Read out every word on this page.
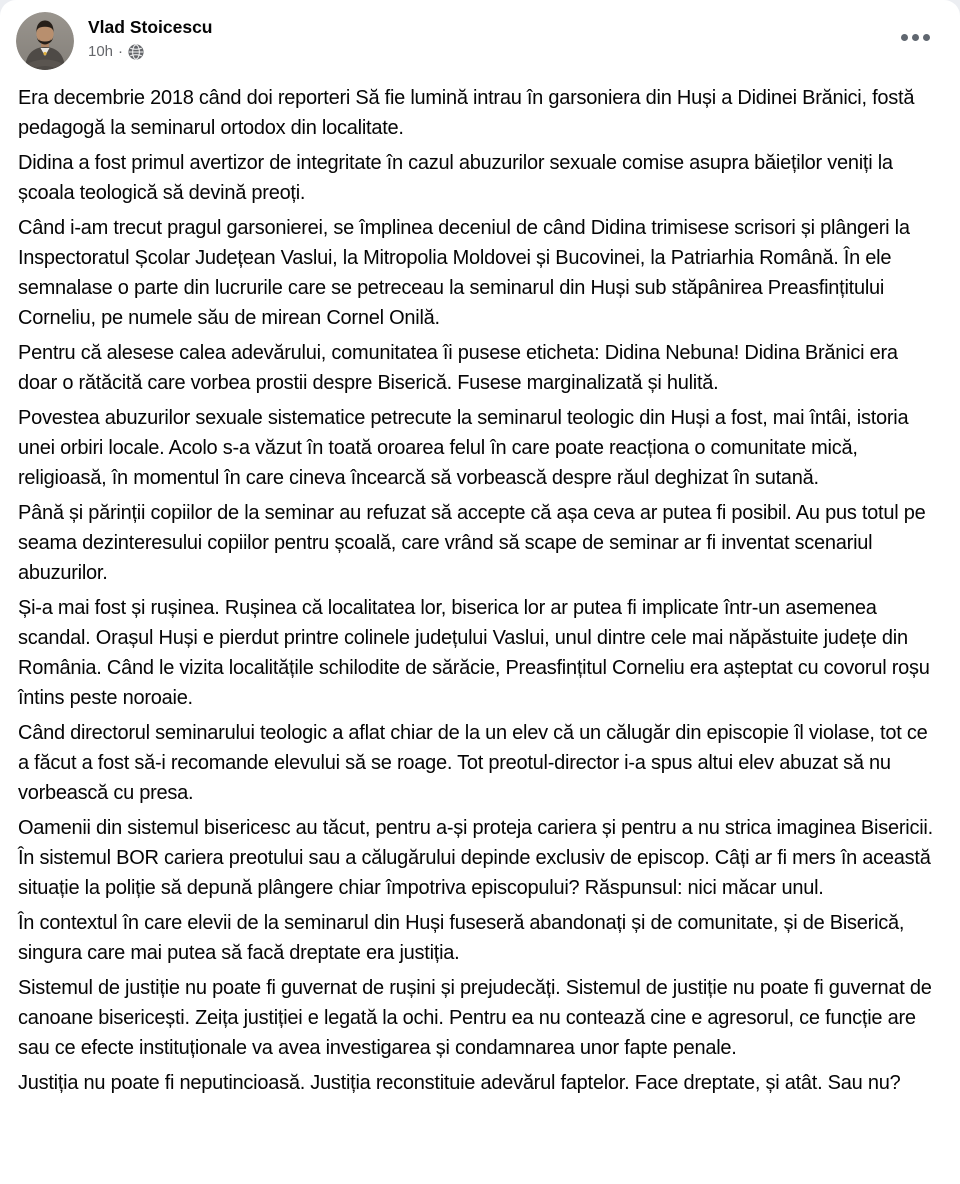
Vlad Stoicescu
10h ·

Era decembrie 2018 când doi reporteri Să fie lumină intrau în garsoniera din Huși a Didinei Brănici, fostă pedagogă la seminarul ortodox din localitate.

Didina a fost primul avertizor de integritate în cazul abuzurilor sexuale comise asupra băieților veniți la școala teologică să devină preoți.

Când i-am trecut pragul garsonierei, se împlinea deceniul de când Didina trimisese scrisori și plângeri la Inspectoratul Școlar Județean Vaslui, la Mitropolia Moldovei și Bucovinei, la Patriarhia Română. În ele semnalase o parte din lucrurile care se petreceau la seminarul din Huși sub stăpânirea Preasfințitului Corneliu, pe numele său de mirean Cornel Onilă.

Pentru că alesese calea adevărului, comunitatea îi pusese eticheta: Didina Nebuna! Didina Brănici era doar o rătăcită care vorbea prostii despre Biserică. Fusese marginalizată și hulită.

Povestea abuzurilor sexuale sistematice petrecute la seminarul teologic din Huși a fost, mai întâi, istoria unei orbiri locale. Acolo s-a văzut în toată oroarea felul în care poate reacționa o comunitate mică, religioasă, în momentul în care cineva încearcă să vorbească despre răul deghizat în sutană.

Până și părinții copiilor de la seminar au refuzat să accepte că așa ceva ar putea fi posibil. Au pus totul pe seama dezinteresului copiilor pentru școală, care vrând să scape de seminar ar fi inventat scenariul abuzurilor.

Și-a mai fost și rușinea. Rușinea că localitatea lor, biserica lor ar putea fi implicate într-un asemenea scandal. Orașul Huși e pierdut printre colinele județului Vaslui, unul dintre cele mai năpăstuite județe din România. Când le vizita localitățile schilodite de sărăcie, Preasfințitul Corneliu era așteptat cu covorul roșu întins peste noroaie.

Când directorul seminarului teologic a aflat chiar de la un elev că un călugăr din episcopie îl violase, tot ce a făcut a fost să-i recomande elevului să se roage. Tot preotul-director i-a spus altui elev abuzat să nu vorbească cu presa.

Oamenii din sistemul bisericesc au tăcut, pentru a-și proteja cariera și pentru a nu strica imaginea Bisericii. În sistemul BOR cariera preotului sau a călugărului depinde exclusiv de episcop. Câți ar fi mers în această situație la poliție să depună plângere chiar împotriva episcopului? Răspunsul: nici măcar unul.

În contextul în care elevii de la seminarul din Huși fuseseră abandonați și de comunitate, și de Biserică, singura care mai putea să facă dreptate era justiția.

Sistemul de justiție nu poate fi guvernat de rușini și prejudecăți. Sistemul de justiție nu poate fi guvernat de canoane bisericești. Zeița justiției e legată la ochi. Pentru ea nu contează cine e agresorul, ce funcție are sau ce efecte instituționale va avea investigarea și condamnarea unor fapte penale.

Justiția nu poate fi neputincioasă. Justiția reconstituie adevărul faptelor. Face dreptate, și atât. Sau nu?
